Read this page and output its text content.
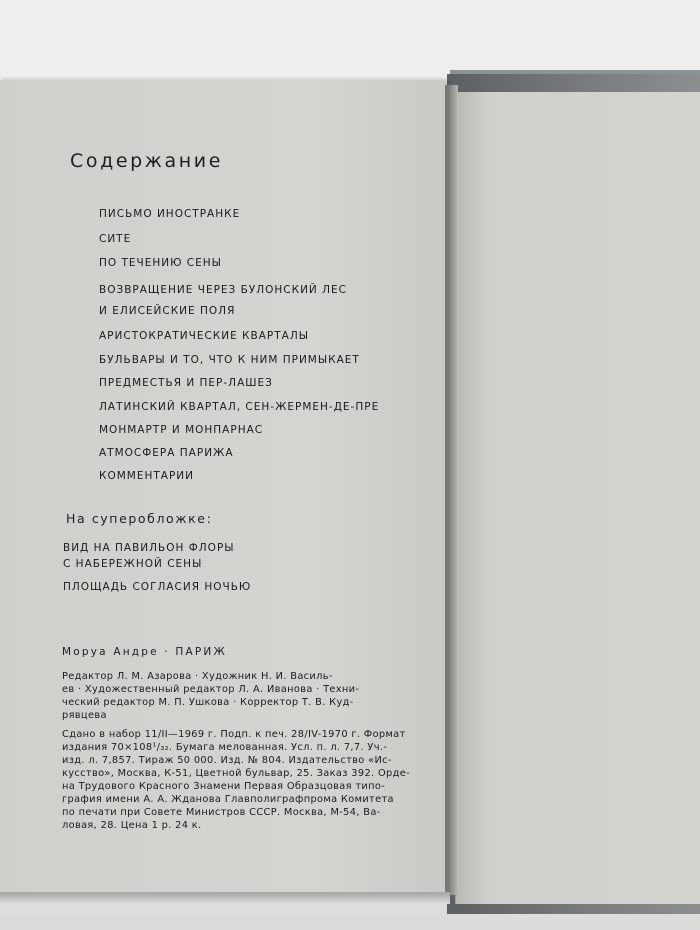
Содержание
ПИСЬМО ИНОСТРАНКЕ
СИТЕ
ПО ТЕЧЕНИЮ СЕНЫ
ВОЗВРАЩЕНИЕ ЧЕРЕЗ БУЛОНСКИЙ ЛЕС
И ЕЛИСЕЙСКИЕ ПОЛЯ
АРИСТОКРАТИЧЕСКИЕ КВАРТАЛЫ
БУЛЬВАРЫ И ТО, ЧТО К НИМ ПРИМЫКАЕТ
ПРЕДМЕСТЬЯ И ПЕР-ЛАШЕЗ
ЛАТИНСКИЙ КВАРТАЛ, СЕН-ЖЕРМЕН-ДЕ-ПРЕ
МОНМАРТР И МОНПАРНАС
АТМОСФЕРА ПАРИЖА
КОММЕНТАРИИ
На суперобложке:
ВИД НА ПАВИЛЬОН ФЛОРЫ
С НАБЕРЕЖНОЙ СЕНЫ
ПЛОЩАДЬ СОГЛАСИЯ НОЧЬЮ
Моруа Андре · ПАРИЖ
Редактор Л. М. Азарова · Художник Н. И. Василь-
ев · Художественный редактор Л. А. Иванова · Техни-
ческий редактор М. П. Ушкова · Корректор Т. В. Куд-
рявцева
Сдано в набор 11/II—1969 г. Подп. к печ. 28/IV-1970 г. Формат
издания 70×108¹/₃₂. Бумага мелованная. Усл. п. л. 7,7. Уч.-
изд. л. 7,857. Тираж 50 000. Изд. № 804. Издательство «Ис-
кусство», Москва, К-51, Цветной бульвар, 25. Заказ 392. Орде-
на Трудового Красного Знамени Первая Образцовая типо-
графия имени А. А. Жданова Главполиграфпрома Комитета
по печати при Совете Министров СССР. Москва, М-54, Ва-
ловая, 28. Цена 1 р. 24 к.
